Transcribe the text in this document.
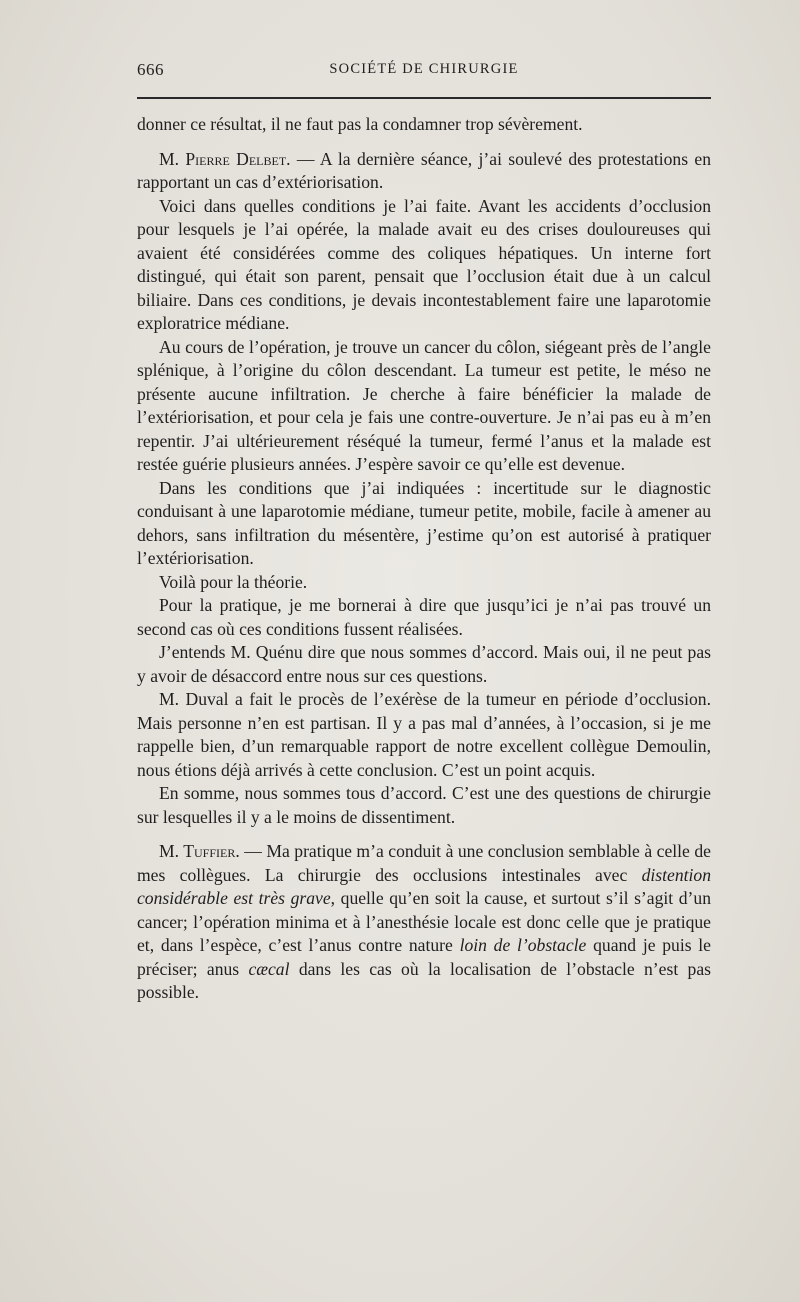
666	SOCIÉTÉ DE CHIRURGIE

donner ce résultat, il ne faut pas la condamner trop sévèrement.

M. Pierre Delbet. — A la dernière séance, j’ai soulevé des protestations en rapportant un cas d’extériorisation.

Voici dans quelles conditions je l’ai faite. Avant les accidents d’occlusion pour lesquels je l’ai opérée, la malade avait eu des crises douloureuses qui avaient été considérées comme des coliques hépatiques. Un interne fort distingué, qui était son parent, pensait que l’occlusion était due à un calcul biliaire. Dans ces conditions, je devais incontestablement faire une laparotomie exploratrice médiane.

Au cours de l’opération, je trouve un cancer du côlon, siégeant près de l’angle splénique, à l’origine du côlon descendant. La tumeur est petite, le méso ne présente aucune infiltration. Je cherche à faire bénéficier la malade de l’extériorisation, et pour cela je fais une contre-ouverture. Je n’ai pas eu à m’en repentir. J’ai ultérieurement réséqué la tumeur, fermé l’anus et la malade est restée guérie plusieurs années. J’espère savoir ce qu’elle est devenue.

Dans les conditions que j’ai indiquées : incertitude sur le diagnostic conduisant à une laparotomie médiane, tumeur petite, mobile, facile à amener au dehors, sans infiltration du mésentère, j’estime qu’on est autorisé à pratiquer l’extériorisation.

Voilà pour la théorie.

Pour la pratique, je me bornerai à dire que jusqu’ici je n’ai pas trouvé un second cas où ces conditions fussent réalisées.

J’entends M. Quénu dire que nous sommes d’accord. Mais oui, il ne peut pas y avoir de désaccord entre nous sur ces questions.

M. Duval a fait le procès de l’exérèse de la tumeur en période d’occlusion. Mais personne n’en est partisan. Il y a pas mal d’années, à l’occasion, si je me rappelle bien, d’un remarquable rapport de notre excellent collègue Demoulin, nous étions déjà arrivés à cette conclusion. C’est un point acquis.

En somme, nous sommes tous d’accord. C’est une des questions de chirurgie sur lesquelles il y a le moins de dissentiment.

M. Tuffier. — Ma pratique m’a conduit à une conclusion semblable à celle de mes collègues. La chirurgie des occlusions intestinales avec distention considérable est très grave, quelle qu’en soit la cause, et surtout s’il s’agit d’un cancer; l’opération minima et à l’anesthésie locale est donc celle que je pratique et, dans l’espèce, c’est l’anus contre nature loin de l’obstacle quand je puis le préciser; anus cæcal dans les cas où la localisation de l’obstacle n’est pas possible.
